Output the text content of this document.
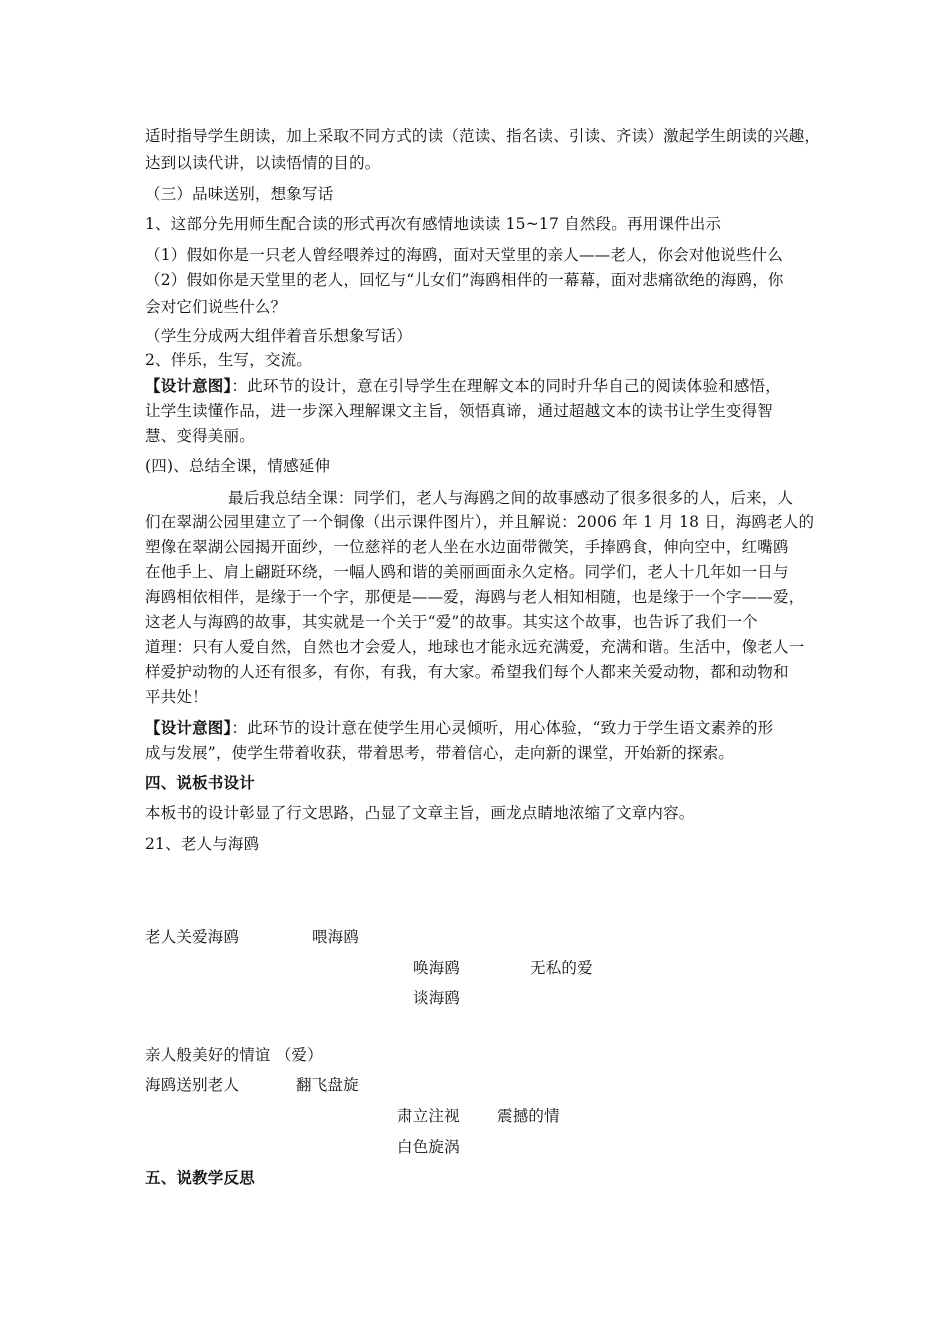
适时指导学生朗读，加上采取不同方式的读（范读、指名读、引读、齐读）激起学生朗读的兴趣，
达到以读代讲，以读悟情的目的。
（三）品味送别，想象写话
1、这部分先用师生配合读的形式再次有感情地读读 15~17 自然段。再用课件出示
（1）假如你是一只老人曾经喂养过的海鸥，面对天堂里的亲人——老人，你会对他说些什么
（2）假如你是天堂里的老人，回忆与“儿女们”海鸥相伴的一幕幕，面对悲痛欲绝的海鸥，你
会对它们说些什么？
（学生分成两大组伴着音乐想象写话）
2、伴乐，生写，交流。
【设计意图】：此环节的设计，意在引导学生在理解文本的同时升华自己的阅读体验和感悟，
让学生读懂作品，进一步深入理解课文主旨，领悟真谛，通过超越文本的读书让学生变得智
慧、变得美丽。
(四)、总结全课，情感延伸
最后我总结全课：同学们，老人与海鸥之间的故事感动了很多很多的人，后来，人
们在翠湖公园里建立了一个铜像（出示课件图片），并且解说：2006 年 1 月 18 日，海鸥老人的
塑像在翠湖公园揭开面纱，一位慈祥的老人坐在水边面带微笑，手捧鸥食，伸向空中，红嘴鸥
在他手上、肩上翩跹环绕，一幅人鸥和谐的美丽画面永久定格。同学们，老人十几年如一日与
海鸥相依相伴，是缘于一个字，那便是——爱，海鸥与老人相知相随，也是缘于一个字——爱，
这老人与海鸥的故事，其实就是一个关于“爱”的故事。其实这个故事，也告诉了我们一个
道理：只有人爱自然，自然也才会爱人，地球也才能永远充满爱，充满和谐。生活中，像老人一
样爱护动物的人还有很多，有你，有我，有大家。希望我们每个人都来关爱动物，都和动物和
平共处！
【设计意图】：此环节的设计意在使学生用心灵倾听，用心体验，“致力于学生语文素养的形
成与发展”，使学生带着收获，带着思考，带着信心，走向新的课堂，开始新的探索。
四、说板书设计
本板书的设计彰显了行文思路，凸显了文章主旨，画龙点睛地浓缩了文章内容。
21、老人与海鸥
老人关爱海鸥	喂海鸥
唤海鸥	无私的爱
谈海鸥
亲人般美好的情谊 （爱）
海鸥送别老人	翻飞盘旋
肃立注视 震撼的情
白色旋涡
五、说教学反思
